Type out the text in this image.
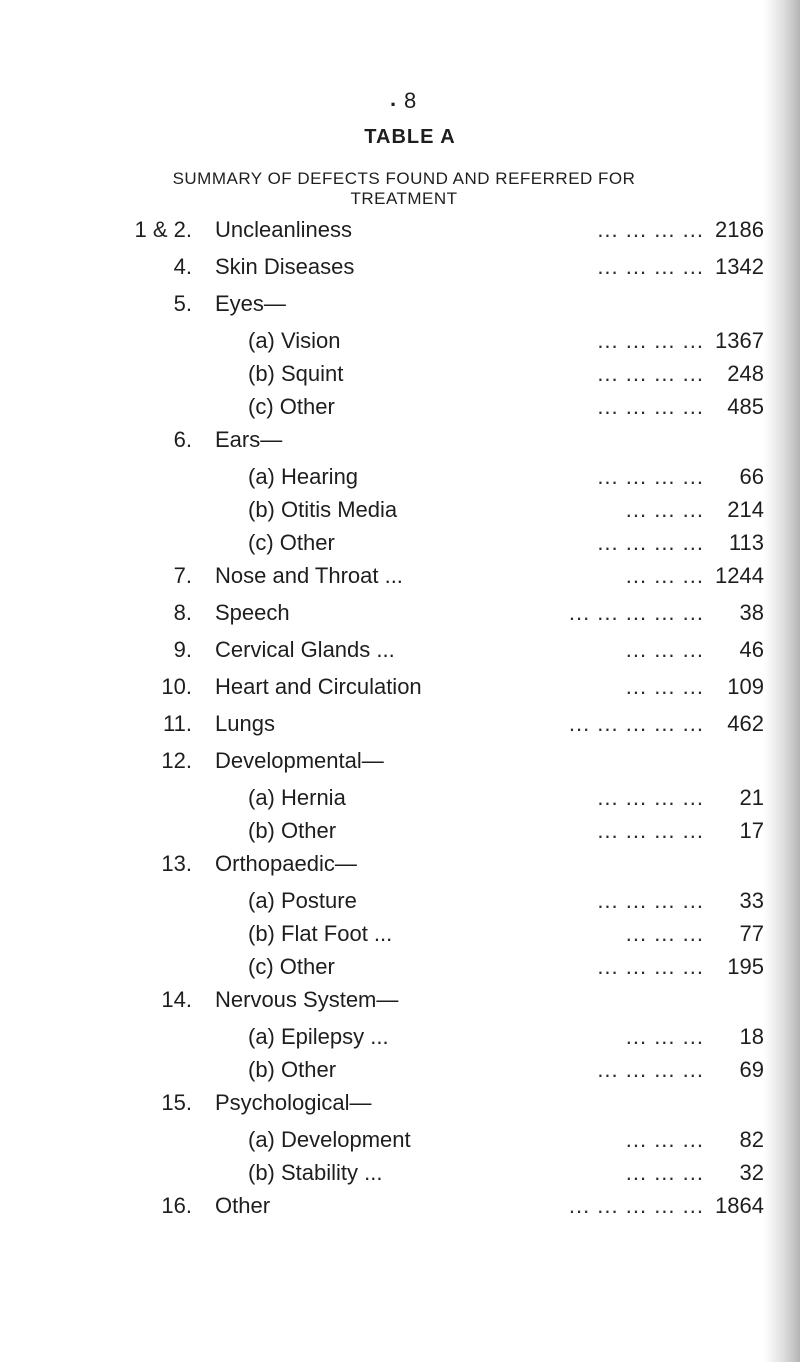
. 8
TABLE A
SUMMARY OF DEFECTS FOUND AND REFERRED FOR
TREATMENT
1 & 2. Uncleanliness	... ... ... ... 2186
4. Skin Diseases	... ... ... ... 1342
5. Eyes—
(a) Vision	... ... ... ... 1367
(b) Squint	... ... ... ... 248
(c) Other	... ... ... ... 485
6. Ears—
(a) Hearing	... ... ... ... 66
(b) Otitis Media	... ... ... 214
(c) Other	... ... ... ... 113
7. Nose and Throat ...	... ... ... 1244
8. Speech	... ... ... ... ... 38
9. Cervical Glands ...	... ... ... 46
10. Heart and Circulation	... ... ... 109
11. Lungs	... ... ... ... ... 462
12. Developmental—
(a) Hernia	... ... ... ... 21
(b) Other	... ... ... ... 17
13. Orthopaedic—
(a) Posture	... ... ... ... 33
(b) Flat Foot ...	... ... ... 77
(c) Other	... ... ... ... 195
14. Nervous System—
(a) Epilepsy ...	... ... ... 18
(b) Other	... ... ... ... 69
15. Psychological—
(a) Development	... ... ... 82
(b) Stability ...	... ... ... 32
16. Other	... ... ... ... ... 1864
